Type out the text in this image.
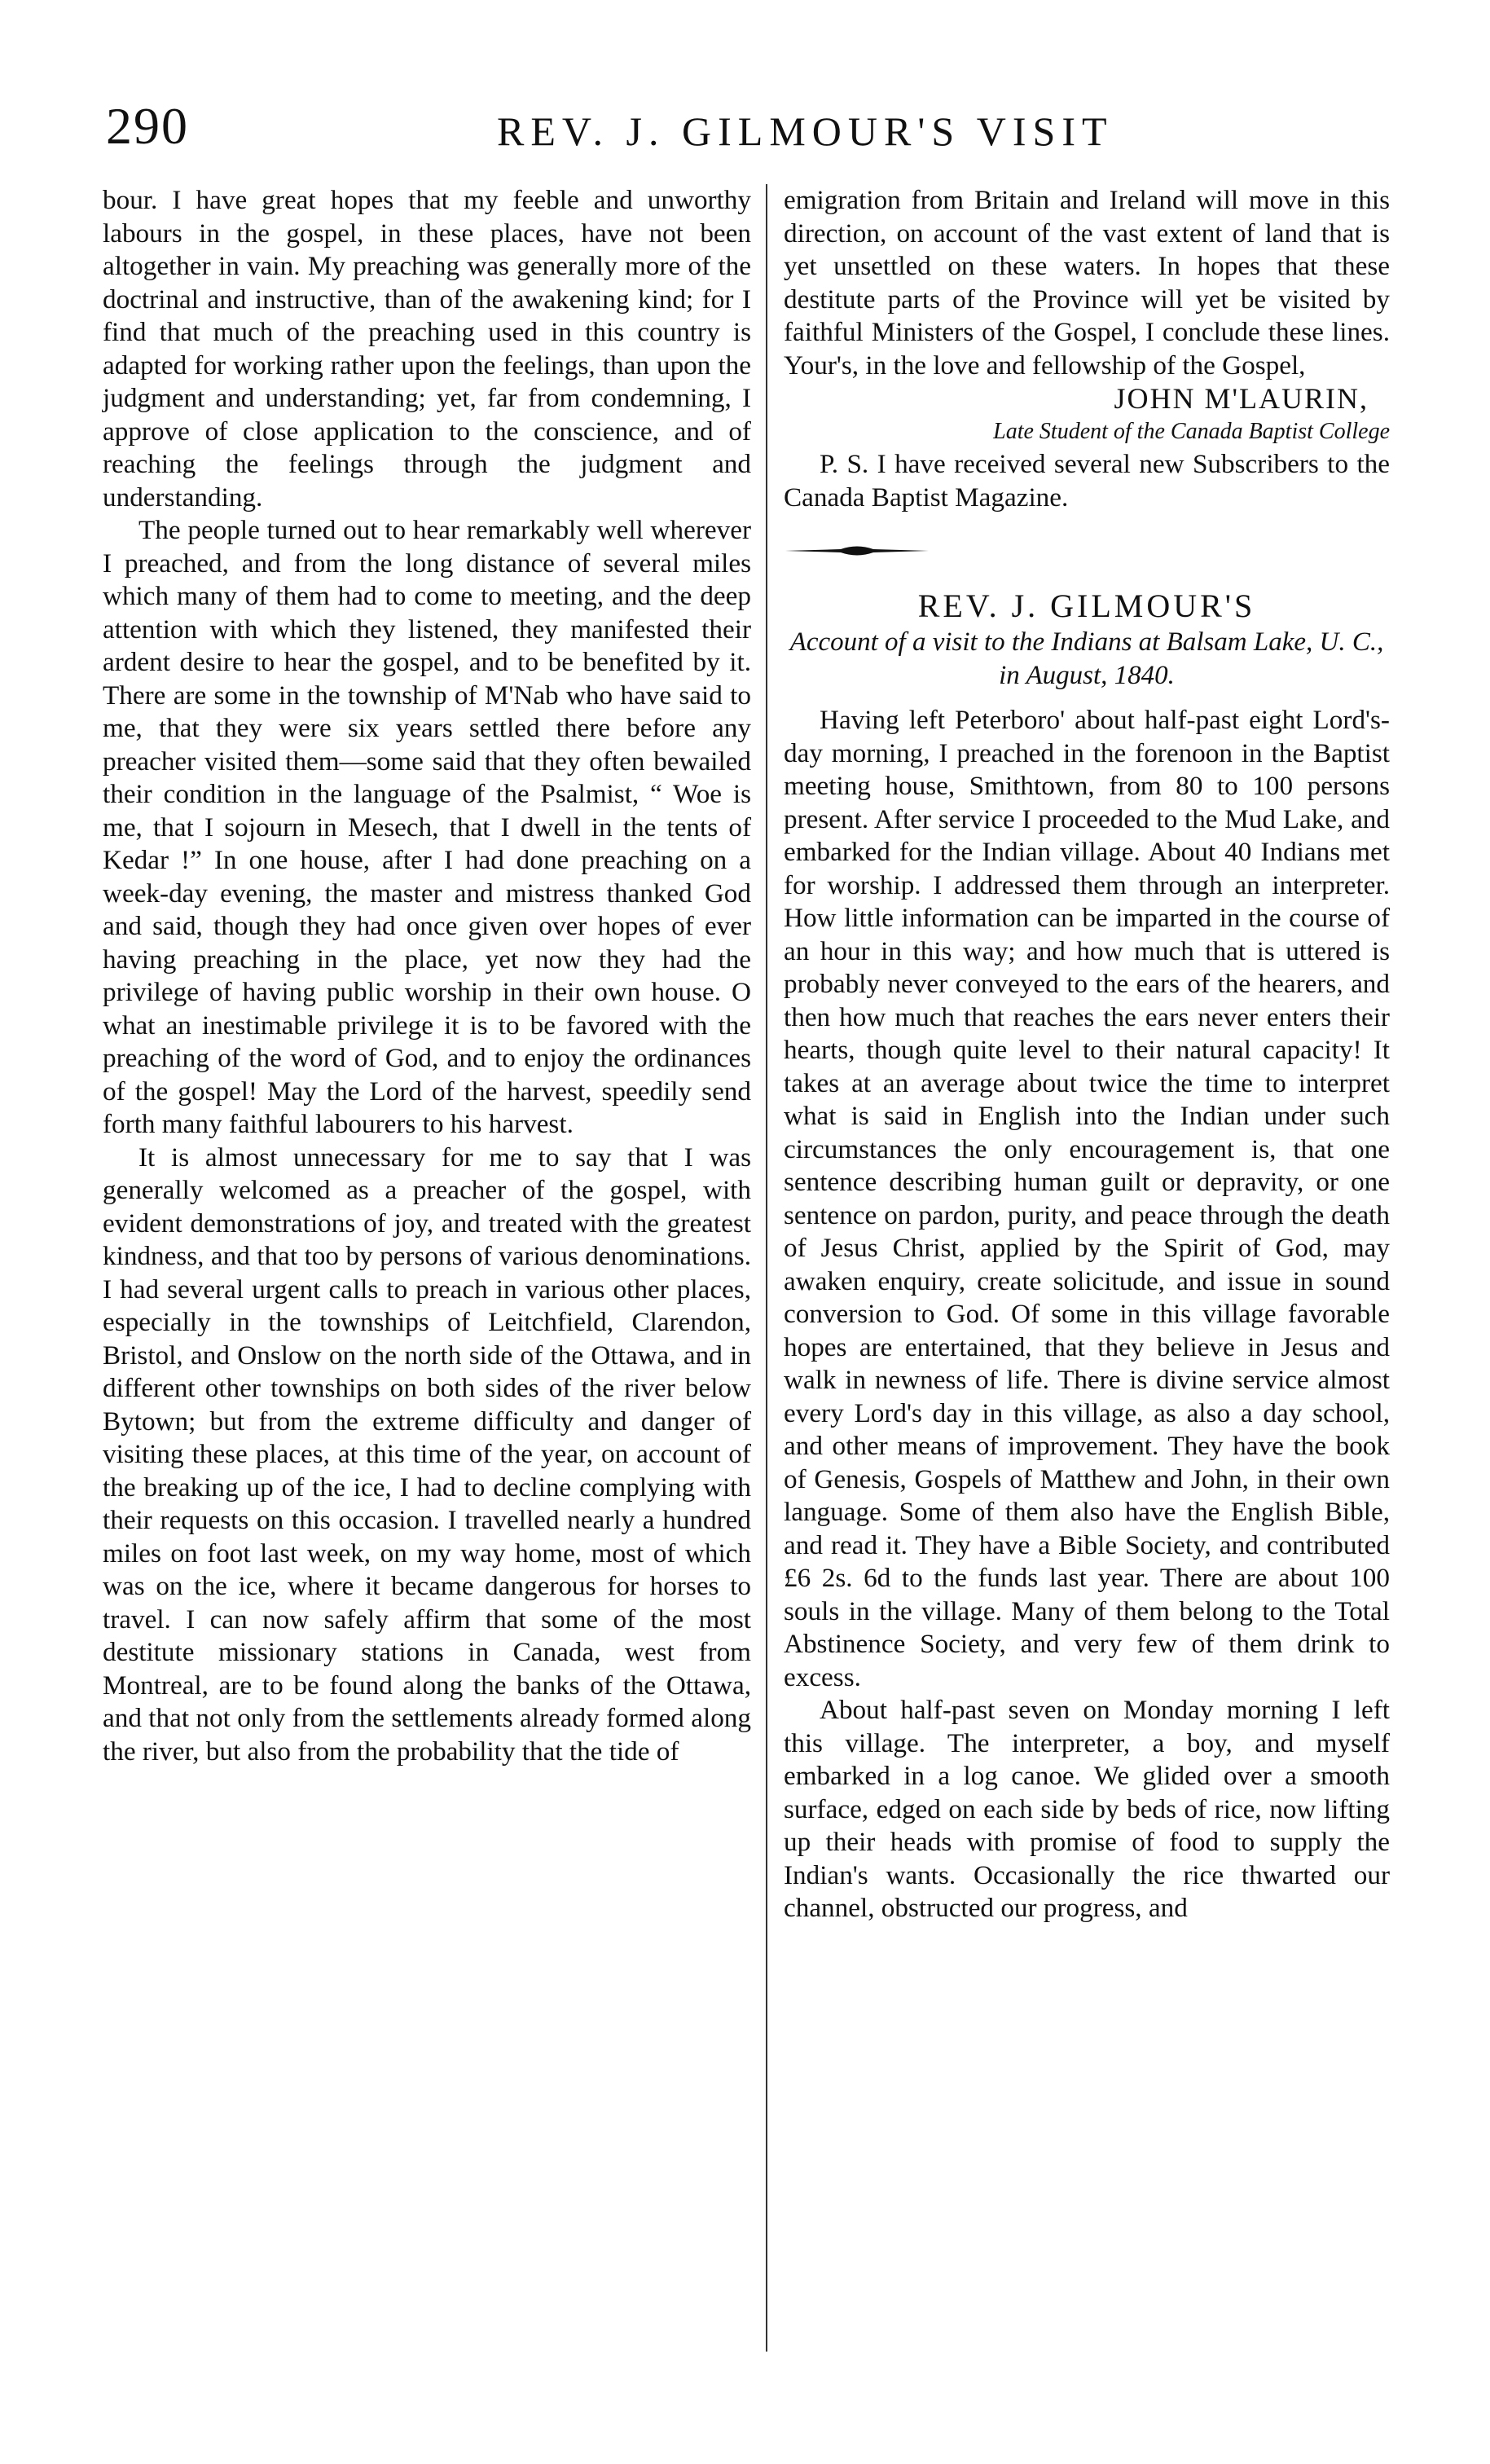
290	REV. J. GILMOUR'S VISIT

bour. I have great hopes that my feeble and unworthy labours in the gospel, in these places, have not been altogether in vain. My preaching was generally more of the doctrinal and instructive, than of the awakening kind; for I find that much of the preaching used in this country is adapted for working rather upon the feelings, than upon the judgment and understanding; yet, far from condemning, I approve of close application to the conscience, and of reaching the feelings through the judgment and understanding.

The people turned out to hear remarkably well wherever I preached, and from the long distance of several miles which many of them had to come to meeting, and the deep attention with which they listened, they manifested their ardent desire to hear the gospel, and to be benefited by it. There are some in the township of M'Nab who have said to me, that they were six years settled there before any preacher visited them—some said that they often bewailed their condition in the language of the Psalmist, “ Woe is me, that I sojourn in Mesech, that I dwell in the tents of Kedar !” In one house, after I had done preaching on a week-day evening, the master and mistress thanked God and said, though they had once given over hopes of ever having preaching in the place, yet now they had the privilege of having public worship in their own house. O what an inestimable privilege it is to be favored with the preaching of the word of God, and to enjoy the ordinances of the gospel! May the Lord of the harvest, speedily send forth many faithful labourers to his harvest.

It is almost unnecessary for me to say that I was generally welcomed as a preacher of the gospel, with evident demonstrations of joy, and treated with the greatest kindness, and that too by persons of various denominations. I had several urgent calls to preach in various other places, especially in the townships of Leitchfield, Clarendon, Bristol, and Onslow on the north side of the Ottawa, and in different other townships on both sides of the river below Bytown; but from the extreme difficulty and danger of visiting these places, at this time of the year, on account of the breaking up of the ice, I had to decline complying with their requests on this occasion. I travelled nearly a hundred miles on foot last week, on my way home, most of which was on the ice, where it became dangerous for horses to travel. I can now safely affirm that some of the most destitute missionary stations in Canada, west from Montreal, are to be found along the banks of the Ottawa, and that not only from the settlements already formed along the river, but also from the probability that the tide of

emigration from Britain and Ireland will move in this direction, on account of the vast extent of land that is yet unsettled on these waters. In hopes that these destitute parts of the Province will yet be visited by faithful Ministers of the Gospel, I conclude these lines. Your's, in the love and fellowship of the Gospel,

JOHN M'LAURIN,

Late Student of the Canada Baptist College

P. S. I have received several new Subscribers to the Canada Baptist Magazine.

REV. J. GILMOUR'S
Account of a visit to the Indians at Balsam Lake, U. C., in August, 1840.

Having left Peterboro' about half-past eight Lord's-day morning, I preached in the forenoon in the Baptist meeting house, Smithtown, from 80 to 100 persons present. After service I proceeded to the Mud Lake, and embarked for the Indian village. About 40 Indians met for worship. I addressed them through an interpreter. How little information can be imparted in the course of an hour in this way; and how much that is uttered is probably never conveyed to the ears of the hearers, and then how much that reaches the ears never enters their hearts, though quite level to their natural capacity! It takes at an average about twice the time to interpret what is said in English into the Indian under such circumstances the only encouragement is, that one sentence describing human guilt or depravity, or one sentence on pardon, purity, and peace through the death of Jesus Christ, applied by the Spirit of God, may awaken enquiry, create solicitude, and issue in sound conversion to God. Of some in this village favorable hopes are entertained, that they believe in Jesus and walk in newness of life. There is divine service almost every Lord's day in this village, as also a day school, and other means of improvement. They have the book of Genesis, Gospels of Matthew and John, in their own language. Some of them also have the English Bible, and read it. They have a Bible Society, and contributed £6 2s. 6d to the funds last year. There are about 100 souls in the village. Many of them belong to the Total Abstinence Society, and very few of them drink to excess.

About half-past seven on Monday morning I left this village. The interpreter, a boy, and myself embarked in a log canoe. We glided over a smooth surface, edged on each side by beds of rice, now lifting up their heads with promise of food to supply the Indian's wants. Occasionally the rice thwarted our channel, obstructed our progress, and
